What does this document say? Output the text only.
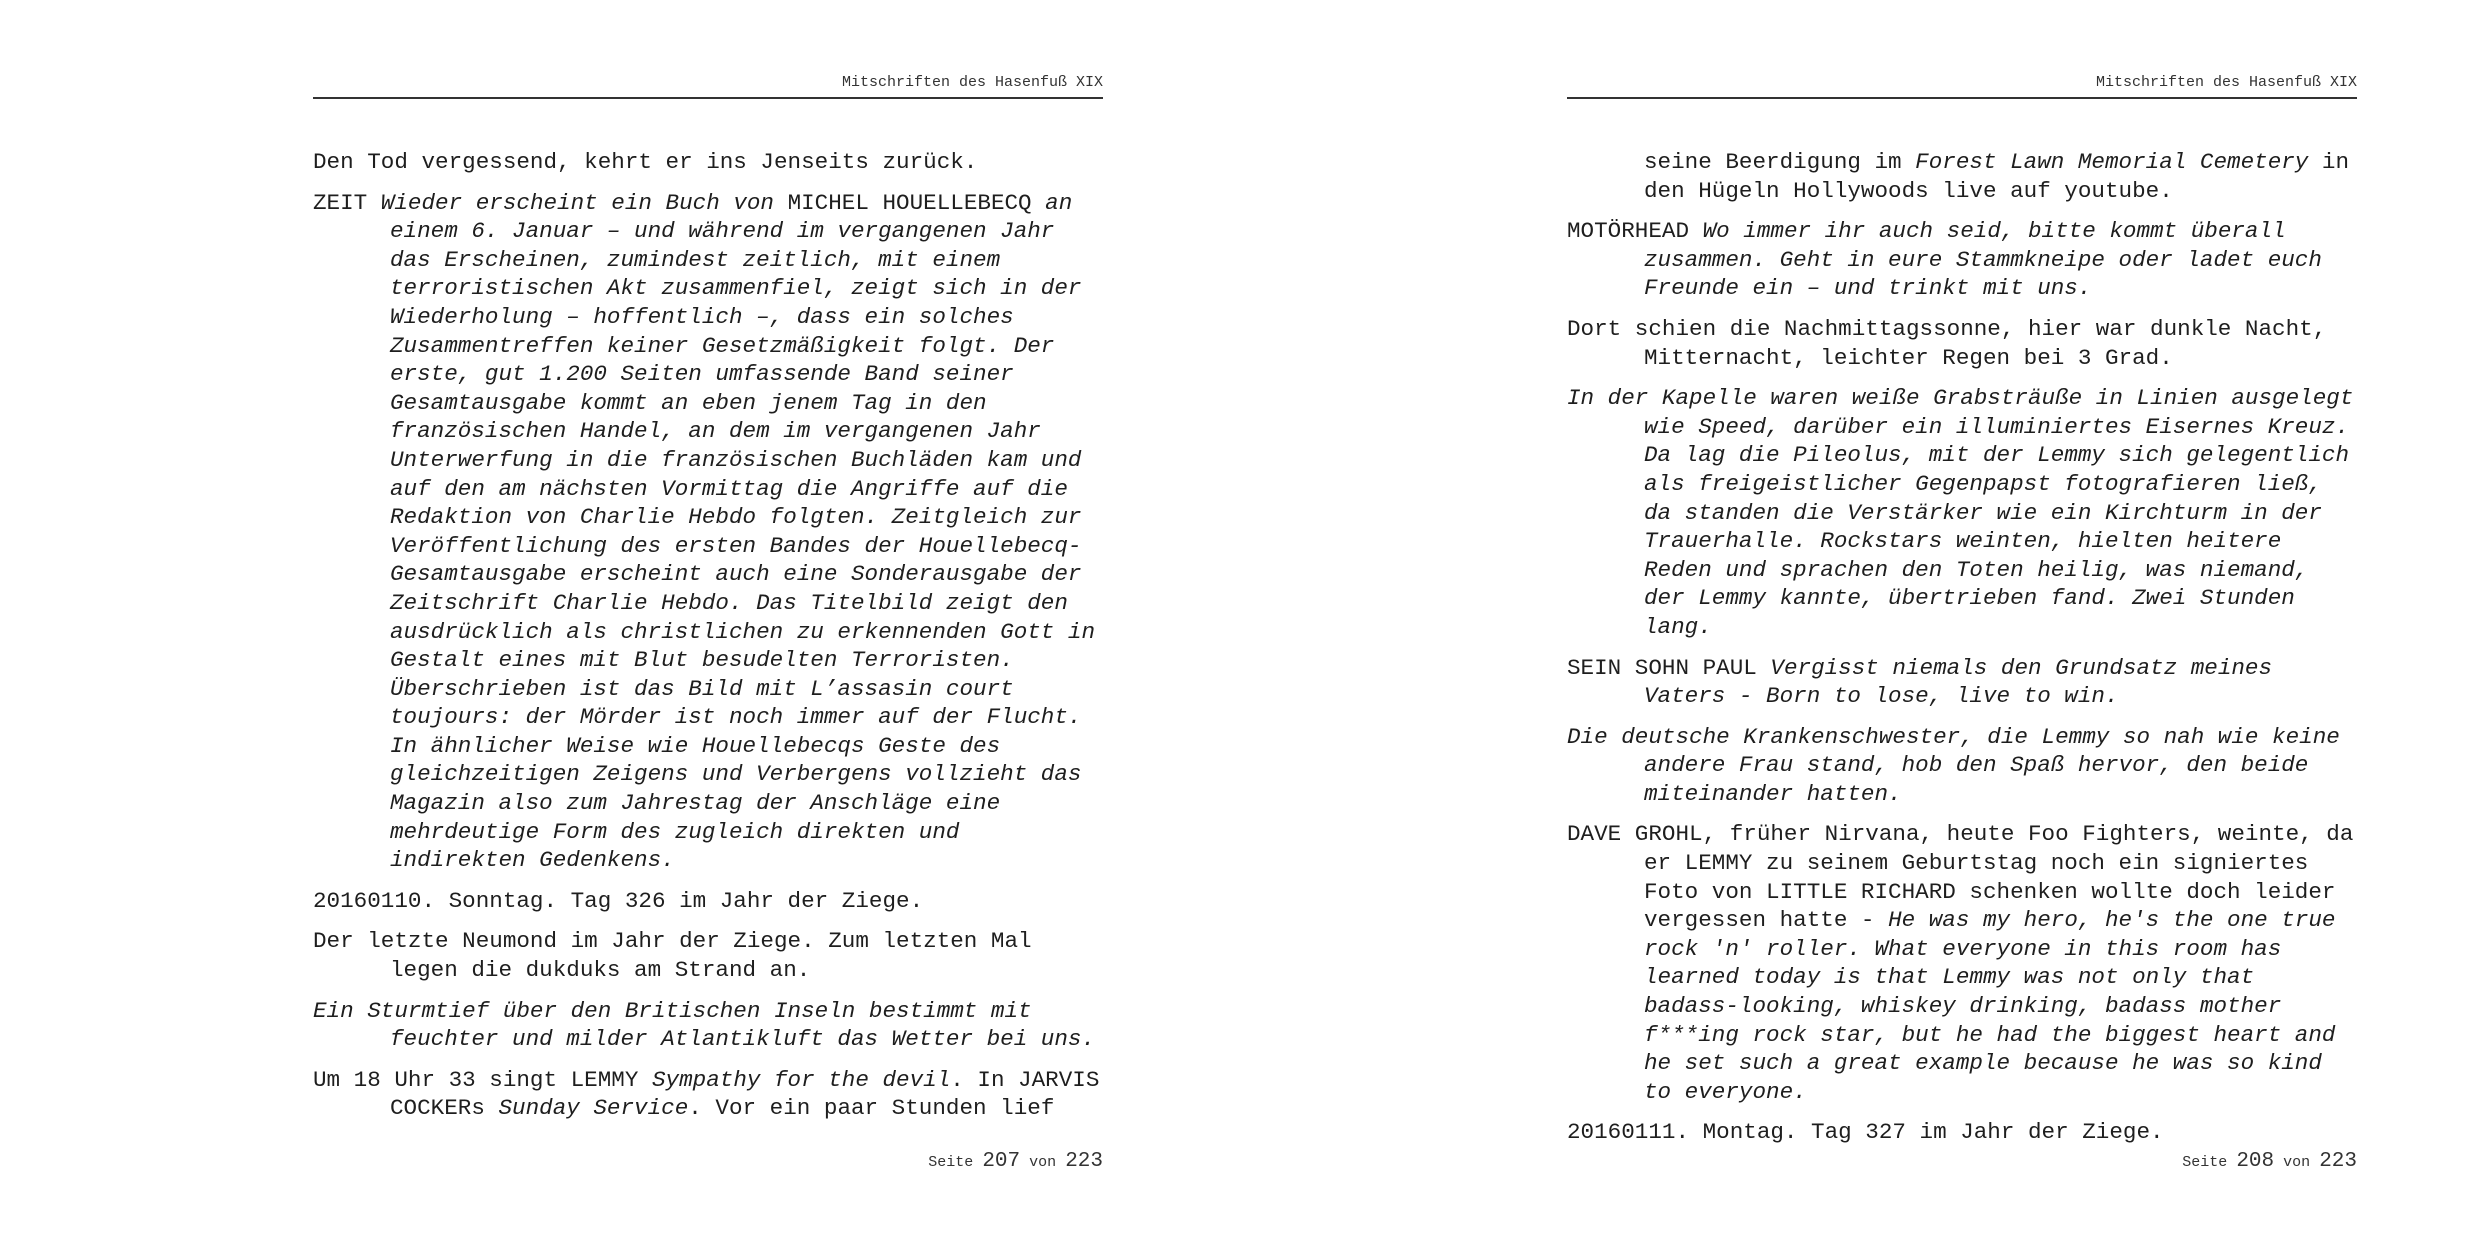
Mitschriften des Hasenfuß XIX

Den Tod vergessend, kehrt er ins Jenseits zurück.

ZEIT Wieder erscheint ein Buch von MICHEL HOUELLEBECQ an einem 6. Januar – und während im vergangenen Jahr das Erscheinen, zumindest zeitlich, mit einem terroristischen Akt zusammenfiel, zeigt sich in der Wiederholung – hoffentlich –, dass ein solches Zusammentreffen keiner Gesetzmäßigkeit folgt. Der erste, gut 1.200 Seiten umfassende Band seiner Gesamtausgabe kommt an eben jenem Tag in den französischen Handel, an dem im vergangenen Jahr Unterwerfung in die französischen Buchläden kam und auf den am nächsten Vormittag die Angriffe auf die Redaktion von Charlie Hebdo folgten. Zeitgleich zur Veröffentlichung des ersten Bandes der Houellebecq-Gesamtausgabe erscheint auch eine Sonderausgabe der Zeitschrift Charlie Hebdo. Das Titelbild zeigt den ausdrücklich als christlichen zu erkennenden Gott in Gestalt eines mit Blut besudelten Terroristen. Überschrieben ist das Bild mit L’assasin court toujours: der Mörder ist noch immer auf der Flucht. In ähnlicher Weise wie Houellebecqs Geste des gleichzeitigen Zeigens und Verbergens vollzieht das Magazin also zum Jahrestag der Anschläge eine mehrdeutige Form des zugleich direkten und indirekten Gedenkens.

20160110. Sonntag. Tag 326 im Jahr der Ziege.

Der letzte Neumond im Jahr der Ziege. Zum letzten Mal legen die dukduks am Strand an.

Ein Sturmtief über den Britischen Inseln bestimmt mit feuchter und milder Atlantikluft das Wetter bei uns.

Um 18 Uhr 33 singt LEMMY Sympathy for the devil. In JARVIS COCKERs Sunday Service. Vor ein paar Stunden lief

Seite 207 von 223
Mitschriften des Hasenfuß XIX

seine Beerdigung im Forest Lawn Memorial Cemetery in den Hügeln Hollywoods live auf youtube.

MOTÖRHEAD Wo immer ihr auch seid, bitte kommt überall zusammen. Geht in eure Stammkneipe oder ladet euch Freunde ein – und trinkt mit uns.

Dort schien die Nachmittagssonne, hier war dunkle Nacht, Mitternacht, leichter Regen bei 3 Grad.

In der Kapelle waren weiße Grabsträuße in Linien ausgelegt wie Speed, darüber ein illuminiertes Eisernes Kreuz. Da lag die Pileolus, mit der Lemmy sich gelegentlich als freigeistlicher Gegenpapst fotografieren ließ, da standen die Verstärker wie ein Kirchturm in der Trauerhalle. Rockstars weinten, hielten heitere Reden und sprachen den Toten heilig, was niemand, der Lemmy kannte, übertrieben fand. Zwei Stunden lang.

SEIN SOHN PAUL Vergisst niemals den Grundsatz meines Vaters - Born to lose, live to win.

Die deutsche Krankenschwester, die Lemmy so nah wie keine andere Frau stand, hob den Spaß hervor, den beide miteinander hatten.

DAVE GROHL, früher Nirvana, heute Foo Fighters, weinte, da er LEMMY zu seinem Geburtstag noch ein signiertes Foto von LITTLE RICHARD schenken wollte doch leider vergessen hatte - He was my hero, he's the one true rock 'n' roller. What everyone in this room has learned today is that Lemmy was not only that badass-looking, whiskey drinking, badass mother f***ing rock star, but he had the biggest heart and he set such a great example because he was so kind to everyone.

20160111. Montag. Tag 327 im Jahr der Ziege.

Seite 208 von 223
